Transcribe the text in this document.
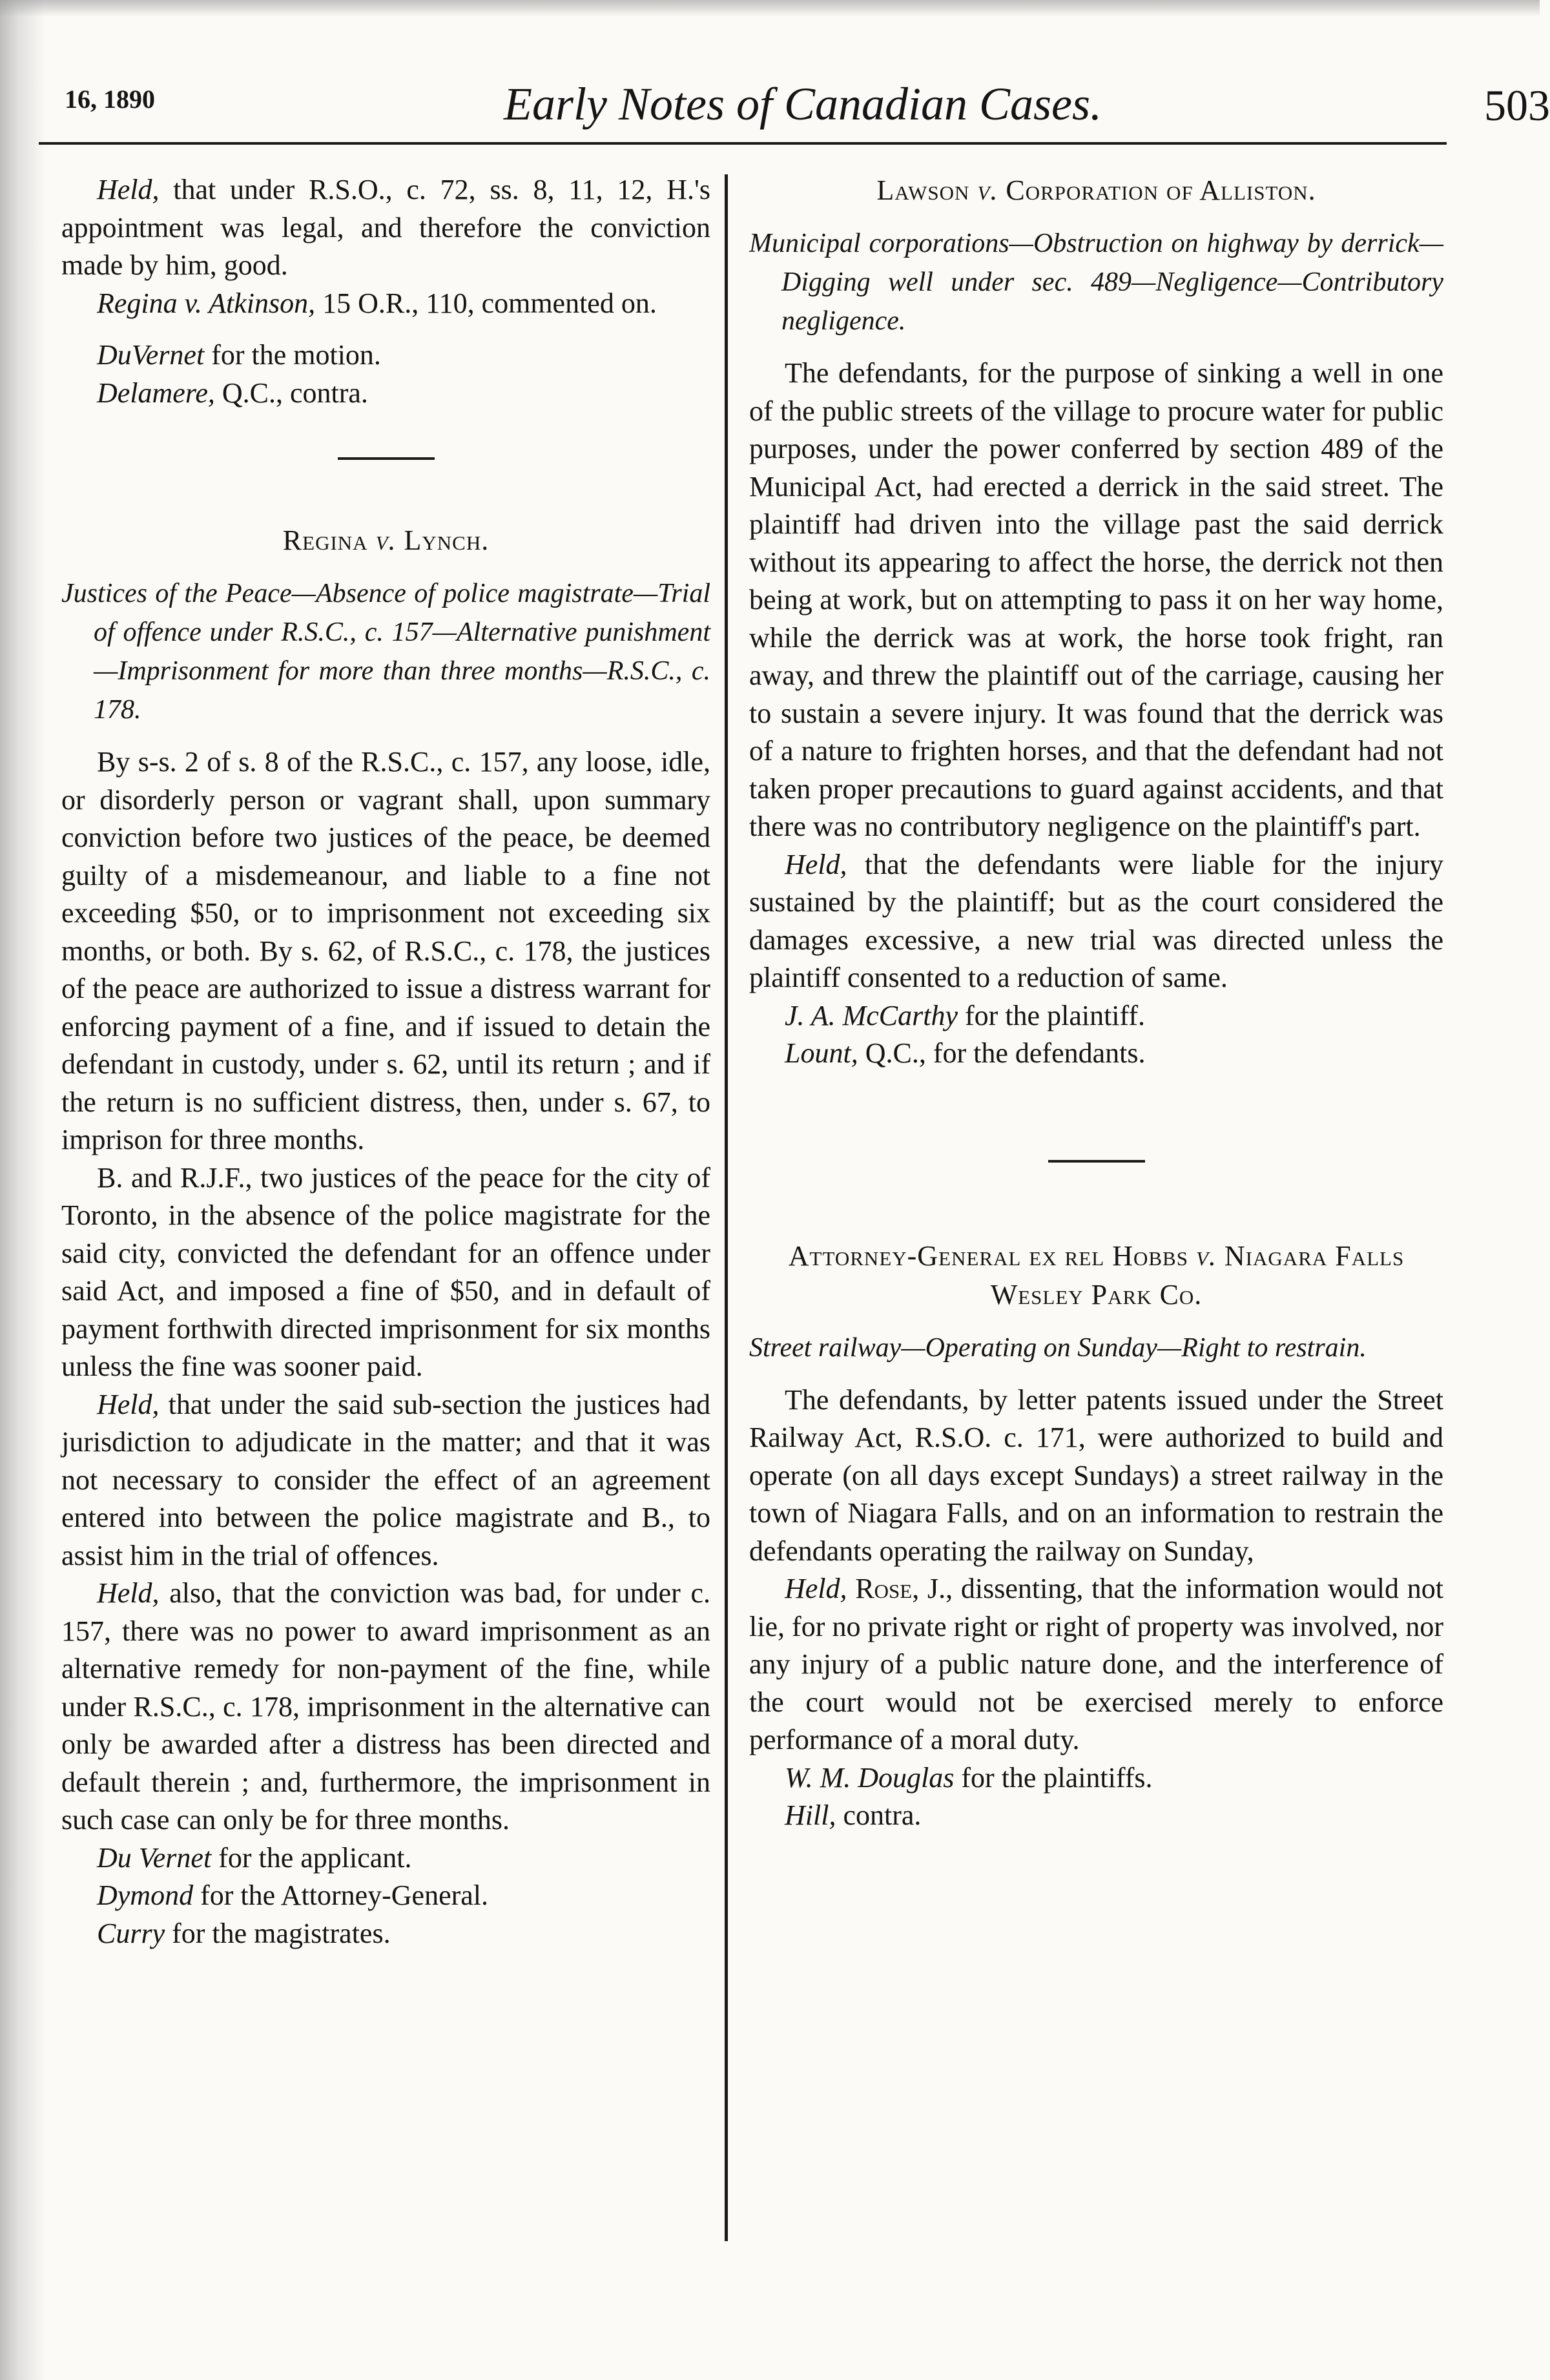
16, 1890	Early Notes of Canadian Cases.	503

Held, that under R.S.O., c. 72, ss. 8, 11, 12, H.'s appointment was legal, and therefore the conviction made by him, good.

Regina v. Atkinson, 15 O.R., 110, commented on.

DuVernet for the motion.

Delamere, Q.C., contra.

Regina v. Lynch.

Justices of the Peace—Absence of police magistrate—Trial of offence under R.S.C., c. 157—Alternative punishment—Imprisonment for more than three months—R.S.C., c. 178.

By s-s. 2 of s. 8 of the R.S.C., c. 157, any loose, idle, or disorderly person or vagrant shall, upon summary conviction before two justices of the peace, be deemed guilty of a misdemeanour, and liable to a fine not exceeding $50, or to imprisonment not exceeding six months, or both. By s. 62, of R.S.C., c. 178, the justices of the peace are authorized to issue a distress warrant for enforcing payment of a fine, and if issued to detain the defendant in custody, under s. 62, until its return ; and if the return is no sufficient distress, then, under s. 67, to imprison for three months.

B. and R.J.F., two justices of the peace for the city of Toronto, in the absence of the police magistrate for the said city, convicted the defendant for an offence under said Act, and imposed a fine of $50, and in default of payment forthwith directed imprisonment for six months unless the fine was sooner paid.

Held, that under the said sub-section the justices had jurisdiction to adjudicate in the matter; and that it was not necessary to consider the effect of an agreement entered into between the police magistrate and B., to assist him in the trial of offences.

Held, also, that the conviction was bad, for under c. 157, there was no power to award imprisonment as an alternative remedy for non-payment of the fine, while under R.S.C., c. 178, imprisonment in the alternative can only be awarded after a distress has been directed and default therein ; and, furthermore, the imprisonment in such case can only be for three months.

Du Vernet for the applicant.

Dymond for the Attorney-General.

Curry for the magistrates.

Lawson v. Corporation of Alliston.

Municipal corporations—Obstruction on highway by derrick—Digging well under sec. 489—Negligence—Contributory negligence.

The defendants, for the purpose of sinking a well in one of the public streets of the village to procure water for public purposes, under the power conferred by section 489 of the Municipal Act, had erected a derrick in the said street. The plaintiff had driven into the village past the said derrick without its appearing to affect the horse, the derrick not then being at work, but on attempting to pass it on her way home, while the derrick was at work, the horse took fright, ran away, and threw the plaintiff out of the carriage, causing her to sustain a severe injury. It was found that the derrick was of a nature to frighten horses, and that the defendant had not taken proper precautions to guard against accidents, and that there was no contributory negligence on the plaintiff's part.

Held, that the defendants were liable for the injury sustained by the plaintiff; but as the court considered the damages excessive, a new trial was directed unless the plaintiff consented to a reduction of same.

J. A. McCarthy for the plaintiff.

Lount, Q.C., for the defendants.

Attorney-General ex rel Hobbs v. Niagara Falls Wesley Park Co.

Street railway—Operating on Sunday—Right to restrain.

The defendants, by letter patents issued under the Street Railway Act, R.S.O. c. 171, were authorized to build and operate (on all days except Sundays) a street railway in the town of Niagara Falls, and on an information to restrain the defendants operating the railway on Sunday,

Held, Rose, J., dissenting, that the information would not lie, for no private right or right of property was involved, nor any injury of a public nature done, and the interference of the court would not be exercised merely to enforce performance of a moral duty.

W. M. Douglas for the plaintiffs.

Hill, contra.
